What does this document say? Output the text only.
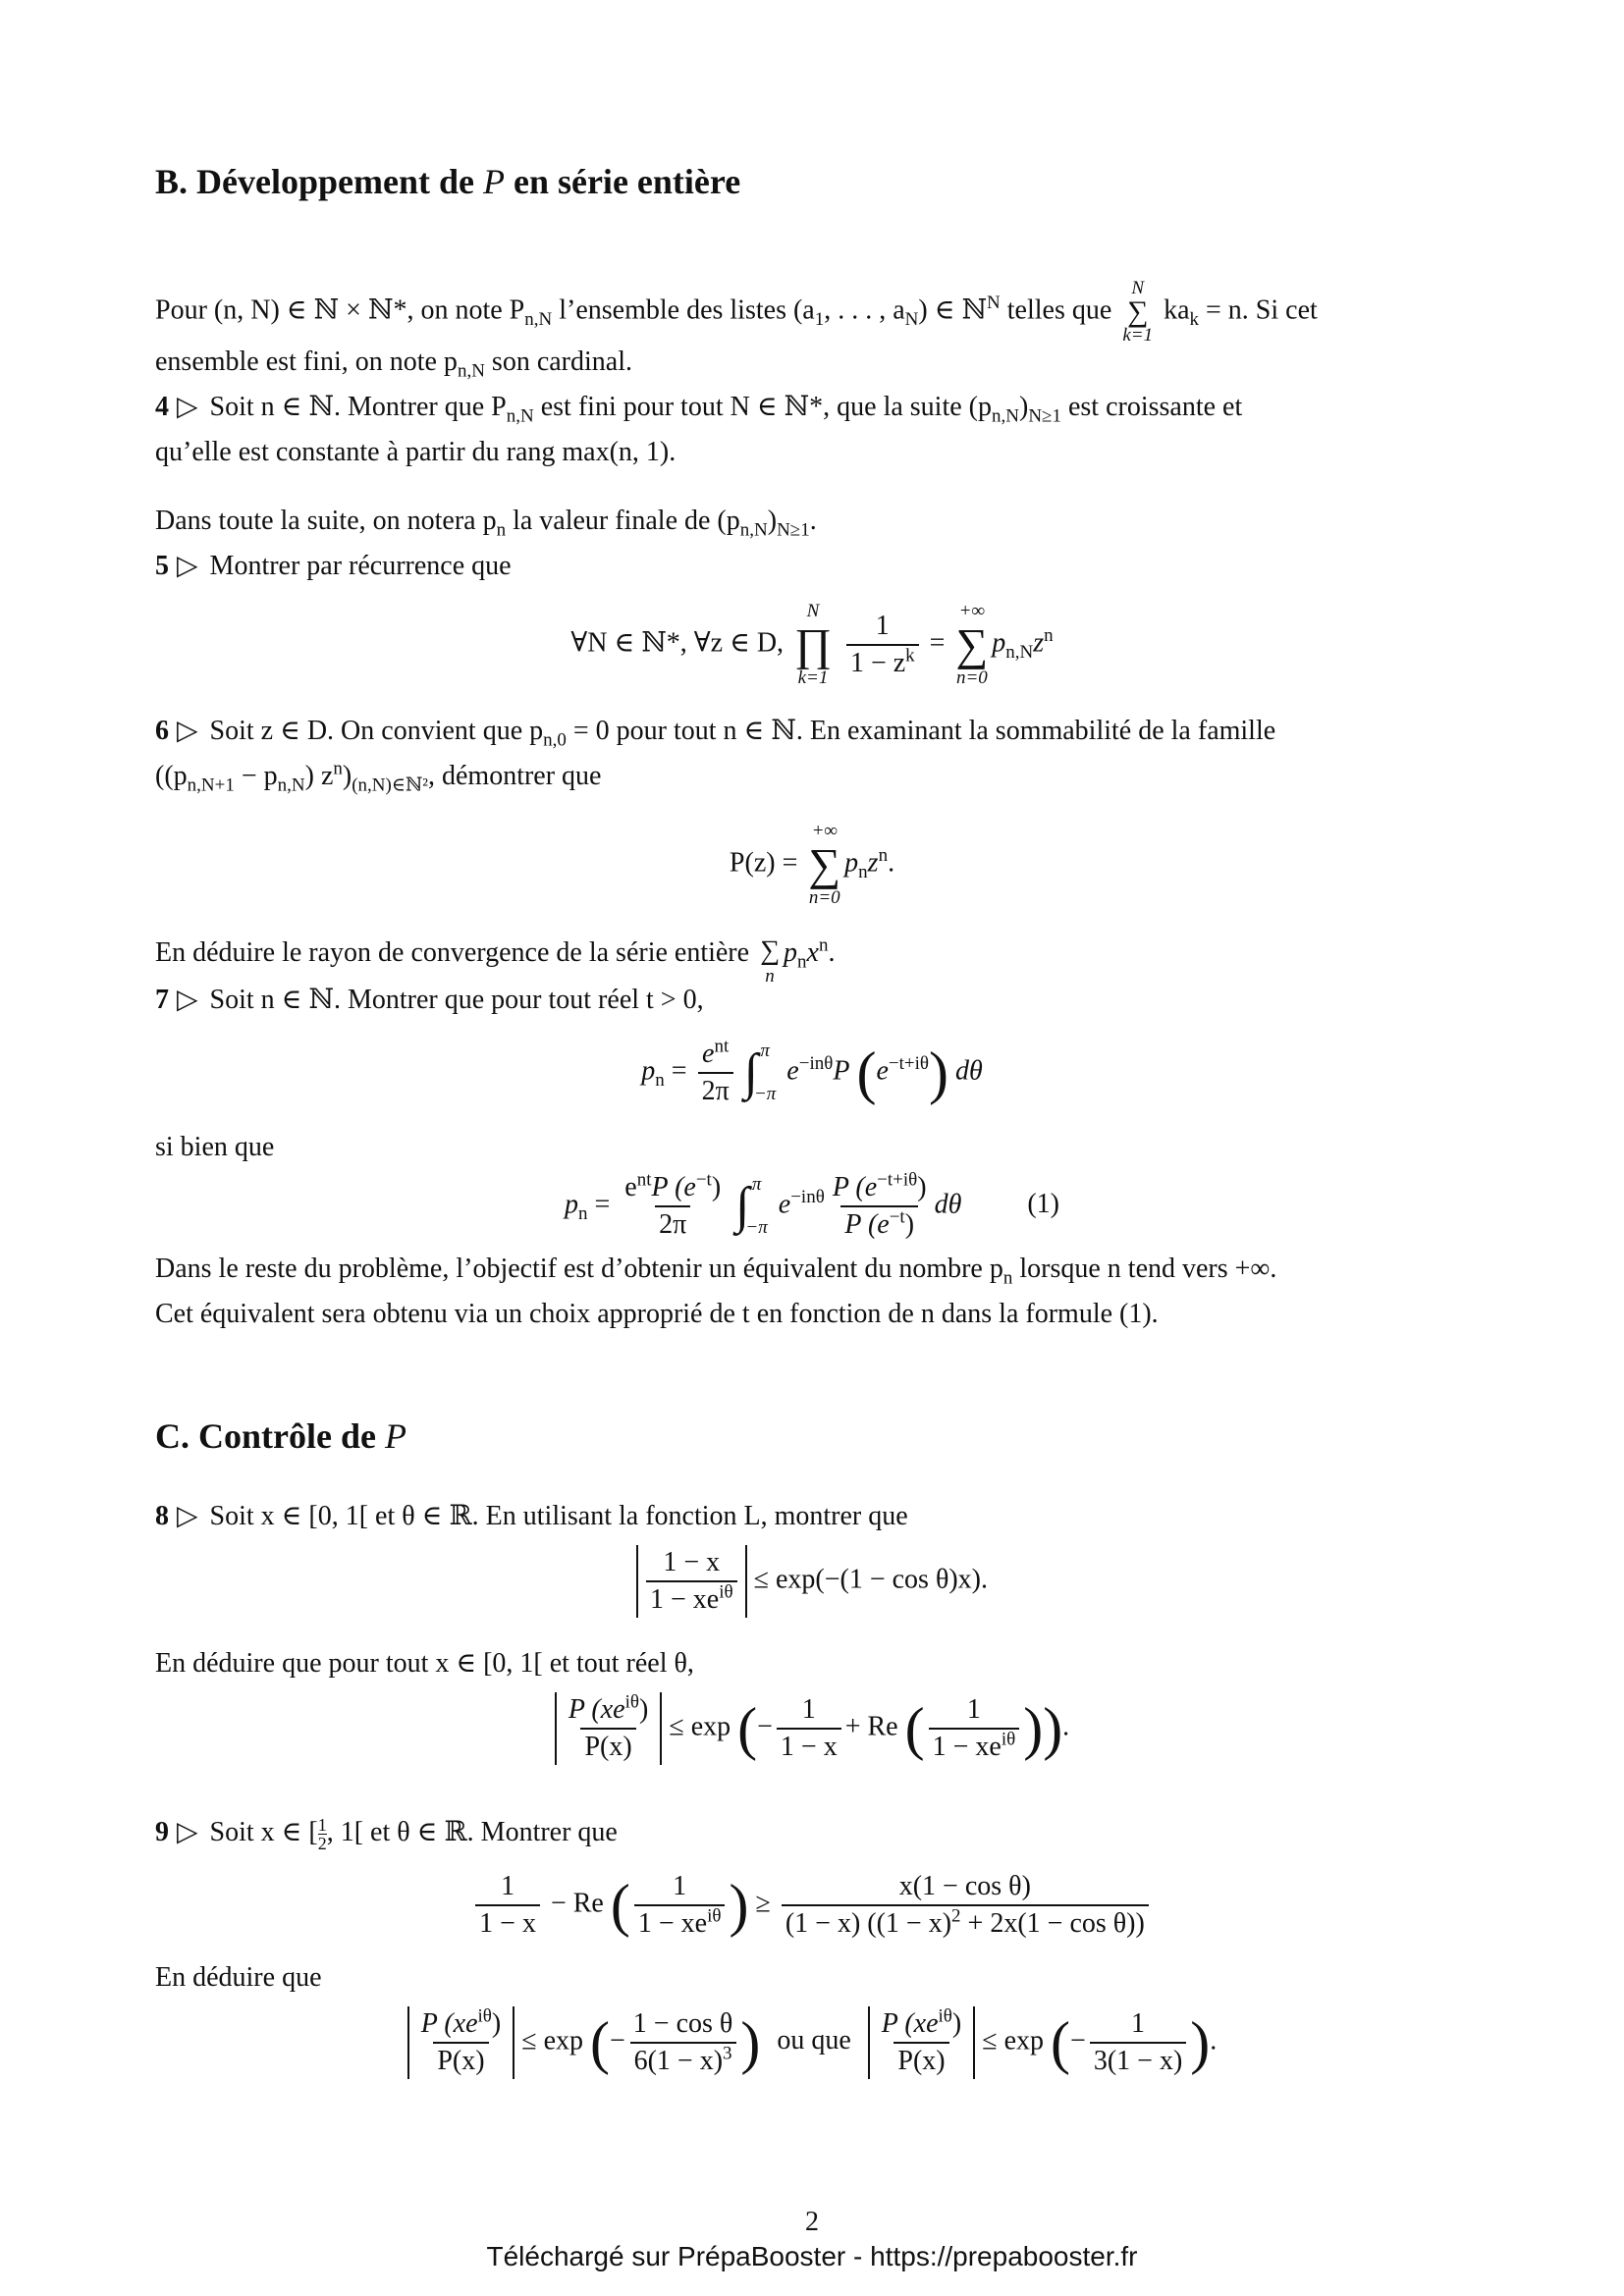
B. Développement de P en série entière
Pour (n, N) ∈ ℕ × ℕ*, on note $P_{n,N}$ l’ensemble des listes ($a_1$, . . . , $a_N$) ∈ ℕ$^N$ telles que
N
∑
k=1
$ka_k = n$. Si cet
ensemble est fini, on note $p_{n,N}$ son cardinal.
4 ▷ Soit n ∈ ℕ. Montrer que $P_{n,N}$ est fini pour tout N ∈ ℕ*, que la suite $(p_{n,N})_{N\ge 1}$ est croissante et
qu’elle est constante à partir du rang max(n, 1).
Dans toute la suite, on notera $p_n$ la valeur finale de $(p_{n,N})_{N\ge 1}$.
5 ▷ Montrer par récurrence que
∀N ∈ ℕ*, ∀z ∈ D,
N
∏
k=1
$\frac{1}{1 - z^k}$ =
+∞
∑
n=0
$p_{n,N}z^n$
6 ▷ Soit z ∈ D. On convient que $p_{n,0} = 0$ pour tout n ∈ ℕ. En examinant la sommabilité de la famille
($(p_{n,N+1} - p_{n,N})$ $z^n)_{(n,N)\in ℕ^2}$, démontrer que
P(z) =
+∞
∑
n=0
$p_nz^n$.
En déduire le rayon de convergence de la série entière ∑
n
$p_nx^n$.
7 ▷ Soit n ∈ ℕ. Montrer que pour tout réel t > 0,
$p_n = \frac{e^{nt}}{2\pi}$ ∫ π
−π
$e^{-in\theta}P$ $(e^{-t+i\theta})$ dθ
si bien que
$p_n = \frac{e^{nt}P (e^{-t})}{2\pi}$ ∫ π
−π
$e^{-in\theta} \frac{P (e^{-t+i\theta})}{P (e^{-t})}$ dθ (1)
Dans le reste du problème, l’objectif est d’obtenir un équivalent du nombre $p_n$ lorsque n tend vers +∞.
Cet équivalent sera obtenu via un choix approprié de t en fonction de n dans la formule (1).
C. Contrôle de P
8 ▷ Soit x ∈ [0, 1[ et θ ∈ ℝ. En utilisant la fonction L, montrer que
$\frac{1 - x}{1 - xe^{i\theta}} \le \exp(-(1 - \cos \theta)x)$.
En déduire que pour tout x ∈ [0, 1[ et tout réel θ,
$\frac{P (xe^{i\theta})}{P(x)} \le \exp$ (− $\frac{1}{1 - x} + Re$ ( $\frac{1}{1 - xe^{i\theta}}$ )).
9 ▷ Soit x ∈ [ $\frac{1}{2}$ , 1[ et θ ∈ ℝ. Montrer que
$\frac{1}{1 - x} - Re$ ( $\frac{1}{1 - xe^{i\theta}}$ ) ≥ $\frac{\text{x(1 − cos θ)}}{(1 - x) ((1 - x)^2 + 2x(1 - \cos \theta))}$
En déduire que
$\frac{P (xe^{i\theta})}{P(x)} \le \exp$ (− $\frac{\text{1 − cos θ}}{6(1 - x)^3}$ ) ou que $\frac{P (xe^{i\theta})}{P(x)} \le \exp$ (− $\frac{1}{3(1 - x)}$ ).
2
Téléchargé sur PrépaBooster - https://prepabooster.fr
